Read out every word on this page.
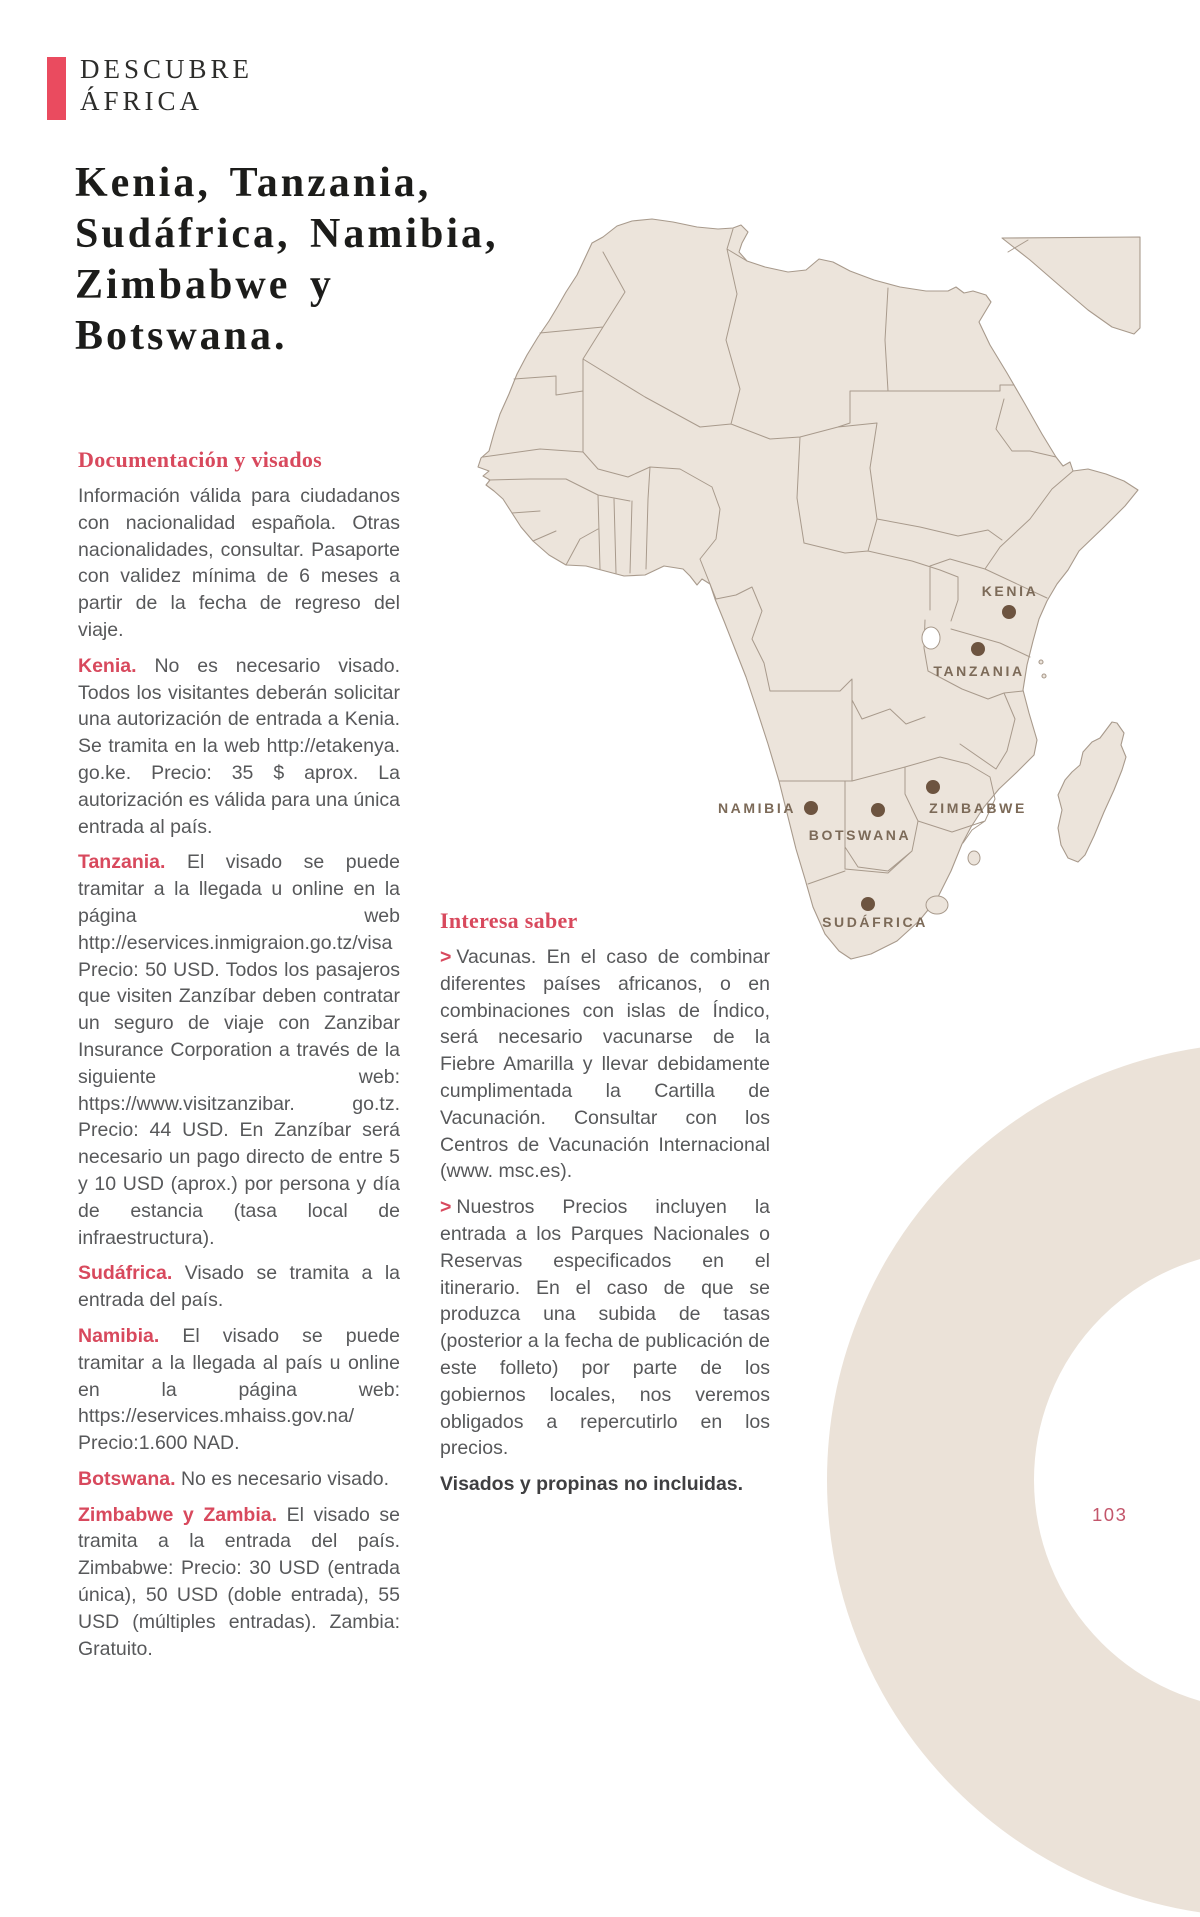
KENIA
TANZANIA
ZIMBABWE
NAMIBIA
BOTSWANA
SUDÁFRICA
DESCUBRE
ÁFRICA
Kenia, Tanzania,
Sudáfrica, Namibia,
Zimbabwe y
Botswana.
Documentación y visados

Información válida para ciudadanos con nacionalidad española. Otras nacionalidades, consultar. Pasaporte con validez mínima de 6 meses a partir de la fecha de regreso del viaje.

Kenia. No es necesario visado. Todos los visitantes deberán solicitar una autorización de entrada a Kenia. Se tramita en la web http://etakenya. go.ke. Precio: 35 $ aprox. La autorización es válida para una única entrada al país.

Tanzania. El visado se puede tramitar a la llegada u online en la página web http://eservices.inmigraion.go.tz/visa Precio: 50 USD. Todos los pasajeros que visiten Zanzíbar deben contratar un seguro de viaje con Zanzibar Insurance Corporation a través de la siguiente web: https://www.visitzanzibar. go.tz. Precio: 44 USD. En Zanzíbar será necesario un pago directo de entre 5 y 10 USD (aprox.) por persona y día de estancia (tasa local de infraestructura).

Sudáfrica. Visado se tramita a la entrada del país.

Namibia. El visado se puede tramitar a la llegada al país u online en la página web: https://eservices.mhaiss.gov.na/ Precio:1.600 NAD.

Botswana. No es necesario visado.

Zimbabwe y Zambia. El visado se tramita a la entrada del país. Zimbabwe: Precio: 30 USD (entrada única), 50 USD (doble entrada), 55 USD (múltiples entradas). Zambia: Gratuito.

Interesa saber

> Vacunas. En el caso de combinar diferentes países africanos, o en combinaciones con islas de Índico, será necesario vacunarse de la Fiebre Amarilla y llevar debidamente cumplimentada la Cartilla de Vacunación. Consultar con los Centros de Vacunación Internacional (www. msc.es).

> Nuestros Precios incluyen la entrada a los Parques Nacionales o Reservas especificados en el itinerario. En el caso de que se produzca una subida de tasas (posterior a la fecha de publicación de este folleto) por parte de los gobiernos locales, nos veremos obligados a repercutirlo en los precios.

Visados y propinas no incluidas.

103
